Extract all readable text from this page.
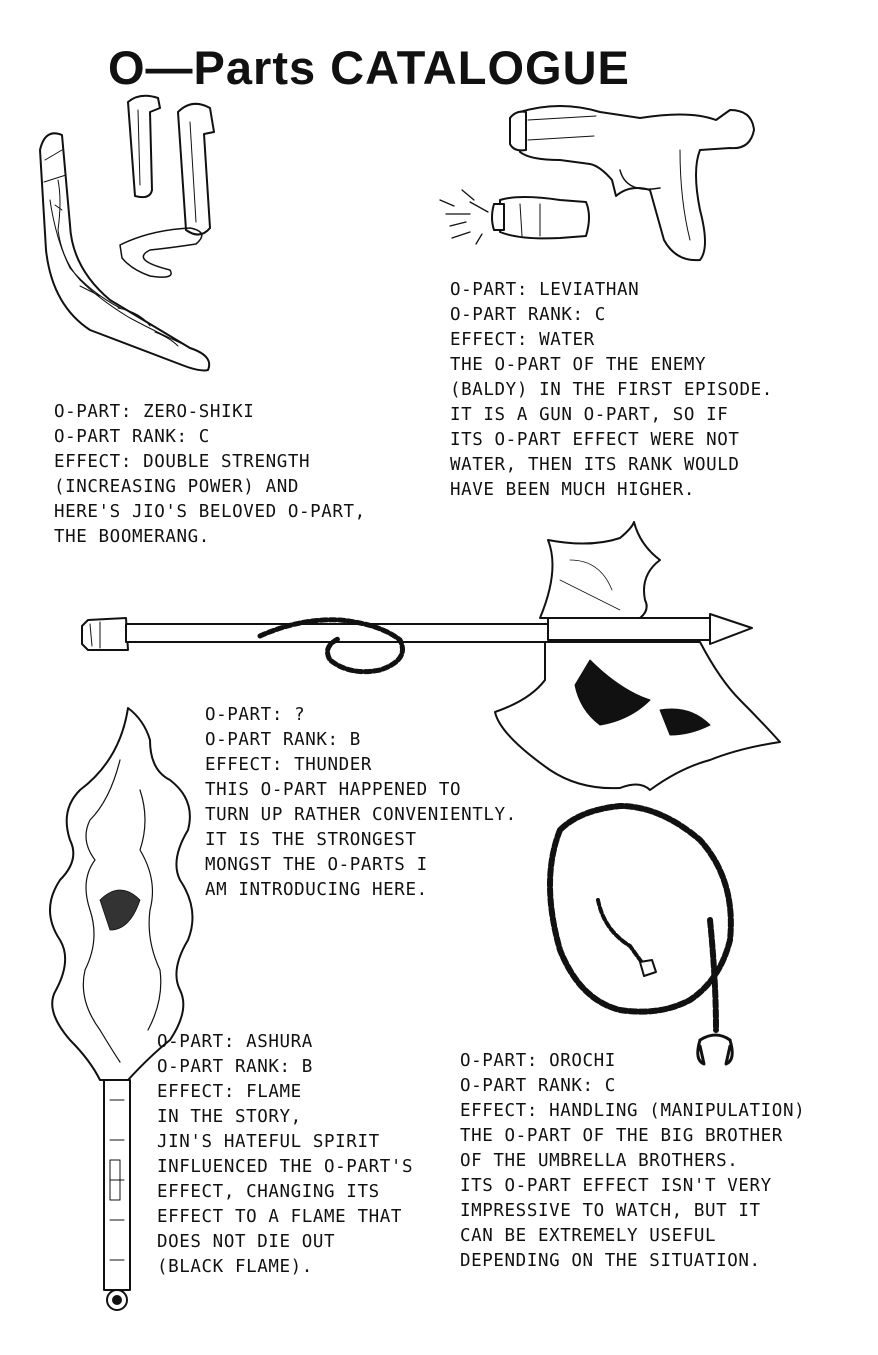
O—Parts CATALOGUE
O-PART: ZERO-SHIKI
O-PART RANK: C
EFFECT: DOUBLE STRENGTH
(INCREASING POWER) AND
HERE'S JIO'S BELOVED O-PART,
THE BOOMERANG.
O-PART: LEVIATHAN
O-PART RANK: C
EFFECT: WATER
THE O-PART OF THE ENEMY
(BALDY) IN THE FIRST EPISODE.
IT IS A GUN O-PART, SO IF
ITS O-PART EFFECT WERE NOT
WATER, THEN ITS RANK WOULD
HAVE BEEN MUCH HIGHER.
O-PART: ?
O-PART RANK: B
EFFECT: THUNDER
THIS O-PART HAPPENED TO
TURN UP RATHER CONVENIENTLY.
IT IS THE STRONGEST
MONGST THE O-PARTS I
AM INTRODUCING HERE.
O-PART: ASHURA
O-PART RANK: B
EFFECT: FLAME
IN THE STORY,
JIN'S HATEFUL SPIRIT
INFLUENCED THE O-PART'S
EFFECT, CHANGING ITS
EFFECT TO A FLAME THAT
DOES NOT DIE OUT
(BLACK FLAME).
O-PART: OROCHI
O-PART RANK: C
EFFECT: HANDLING (MANIPULATION)
THE O-PART OF THE BIG BROTHER
OF THE UMBRELLA BROTHERS.
ITS O-PART EFFECT ISN'T VERY
IMPRESSIVE TO WATCH, BUT IT
CAN BE EXTREMELY USEFUL
DEPENDING ON THE SITUATION.
